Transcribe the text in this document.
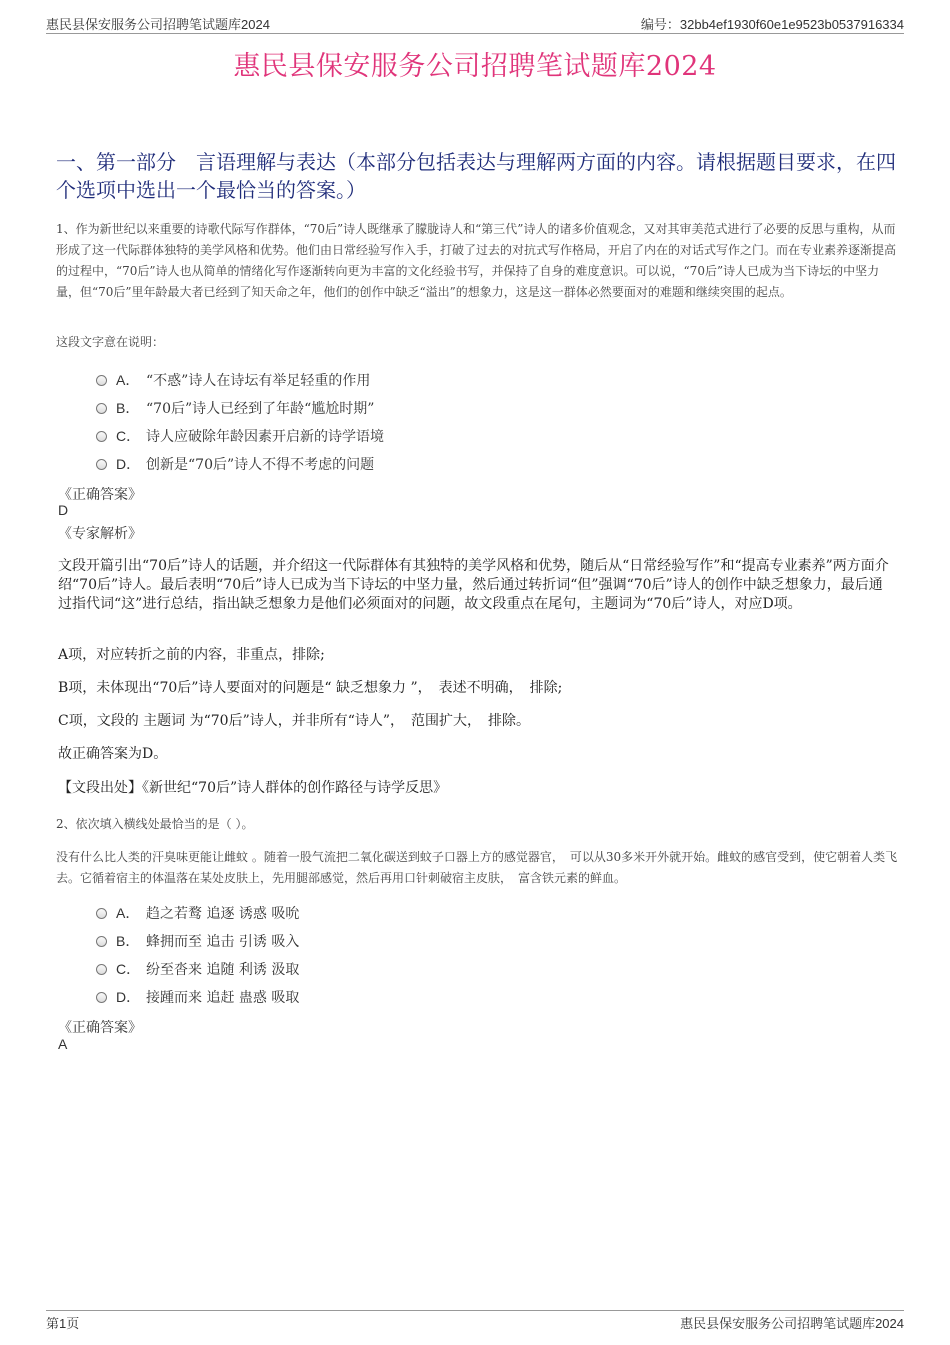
惠民县保安服务公司招聘笔试题库2024	编号：32bb4ef1930f60e1e9523b0537916334
惠民县保安服务公司招聘笔试题库2024
一、第一部分　言语理解与表达（本部分包括表达与理解两方面的内容。请根据题目要求，在四个选项中选出一个最恰当的答案。）
1、作为新世纪以来重要的诗歌代际写作群体，“70后”诗人既继承了朦胧诗人和“第三代”诗人的诸多价值观念，又对其审美范式进行了必要的反思与重构，从而形成了这一代际群体独特的美学风格和优势。他们由日常经验写作入手，打破了过去的对抗式写作格局，开启了内在的对话式写作之门。而在专业素养逐渐提高的过程中，“70后”诗人也从简单的情绪化写作逐渐转向更为丰富的文化经验书写，并保持了自身的难度意识。可以说，“70后”诗人已成为当下诗坛的中坚力量，但“70后”里年龄最大者已经到了知天命之年，他们的创作中缺乏“溢出”的想象力，这是这一群体必然要面对的难题和继续突围的起点。
这段文字意在说明：
A． “不惑”诗人在诗坛有举足轻重的作用
B． “70后”诗人已经到了年龄“尴尬时期”
C． 诗人应破除年龄因素开启新的诗学语境
D． 创新是“70后”诗人不得不考虑的问题
《正确答案》
D
《专家解析》
文段开篇引出“70后”诗人的话题，并介绍这一代际群体有其独特的美学风格和优势，随后从“日常经验写作”和“提高专业素养”两方面介绍“70后”诗人。最后表明“70后”诗人已成为当下诗坛的中坚力量，然后通过转折词“但”强调“70后”诗人的创作中缺乏想象力，最后通过指代词“这”进行总结，指出缺乏想象力是他们必须面对的问题，故文段重点在尾句，主题词为“70后”诗人，对应D项。
A项，对应转折之前的内容，非重点，排除;
B项，未体现出“70后”诗人要面对的问题是“ 缺乏想象力 ”，　表述不明确，　排除;
C项，文段的 主题词 为“70后”诗人，并非所有“诗人”，　范围扩大，　排除。
故正确答案为D。
【文段出处】《新世纪“70后”诗人群体的创作路径与诗学反思》
2、依次填入横线处最恰当的是（ ）。
没有什么比人类的汗臭味更能让雌蚊 。随着一股气流把二氧化碳送到蚊子口器上方的感觉器官，　可以从30多米开外就开始。雌蚊的感官受到，使它朝着人类飞去。它循着宿主的体温落在某处皮肤上，先用腿部感觉，然后再用口针刺破宿主皮肤，　富含铁元素的鲜血。
A． 趋之若鹜 追逐 诱惑 吸吮
B． 蜂拥而至 追击 引诱 吸入
C． 纷至沓来 追随 利诱 汲取
D． 接踵而来 追赶 蛊惑 吸取
《正确答案》
A
第1页	惠民县保安服务公司招聘笔试题库2024
